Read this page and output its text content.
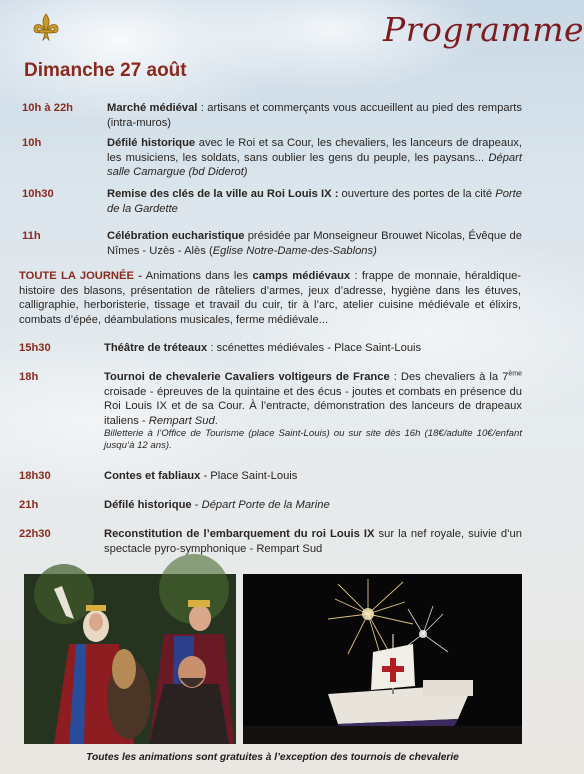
Programme
Dimanche 27 août
10h à 22h	Marché médiéval : artisans et commerçants vous accueillent au pied des remparts (intra-muros)
10h	Défilé historique avec le Roi et sa Cour, les chevaliers, les lanceurs de drapeaux, les musiciens, les soldats, sans oublier les gens du peuple, les paysans... Départ salle Camargue (bd Diderot)
10h30	Remise des clés de la ville au Roi Louis IX : ouverture des portes de la cité Porte de la Gardette
11h	Célébration eucharistique présidée par Monseigneur Brouwet Nicolas, Évêque de Nîmes - Uzès - Alès (Eglise Notre-Dame-des-Sablons)
TOUTE LA JOURNÉE - Animations dans les camps médiévaux : frappe de monnaie, héraldique-histoire des blasons, présentation de râteliers d’armes, jeux d’adresse, hygiène dans les étuves, calligraphie, herboristerie, tissage et travail du cuir, tir à l’arc, atelier cuisine médiévale et élixirs, combats d’épée, déambulations musicales, ferme médiévale...
15h30	Théâtre de tréteaux : scénettes médiévales - Place Saint-Louis
18h	Tournoi de chevalerie Cavaliers voltigeurs de France : Des chevaliers à la 7ème croisade - épreuves de la quintaine et des écus - joutes et combats en présence du Roi Louis IX et de sa Cour. À l’entracte, démonstration des lanceurs de drapeaux italiens - Rempart Sud.
Billetterie à l’Office de Tourisme (place Saint-Louis) ou sur site dès 16h (18€/adulte 10€/enfant jusqu’à 12 ans).
18h30	Contes et fabliaux - Place Saint-Louis
21h	Défilé historique - Départ Porte de la Marine
22h30	Reconstitution de l’embarquement du roi Louis IX sur la nef royale, suivie d’un spectacle pyro-symphonique - Rempart Sud
Toutes les animations sont gratuites à l’exception des tournois de chevalerie
